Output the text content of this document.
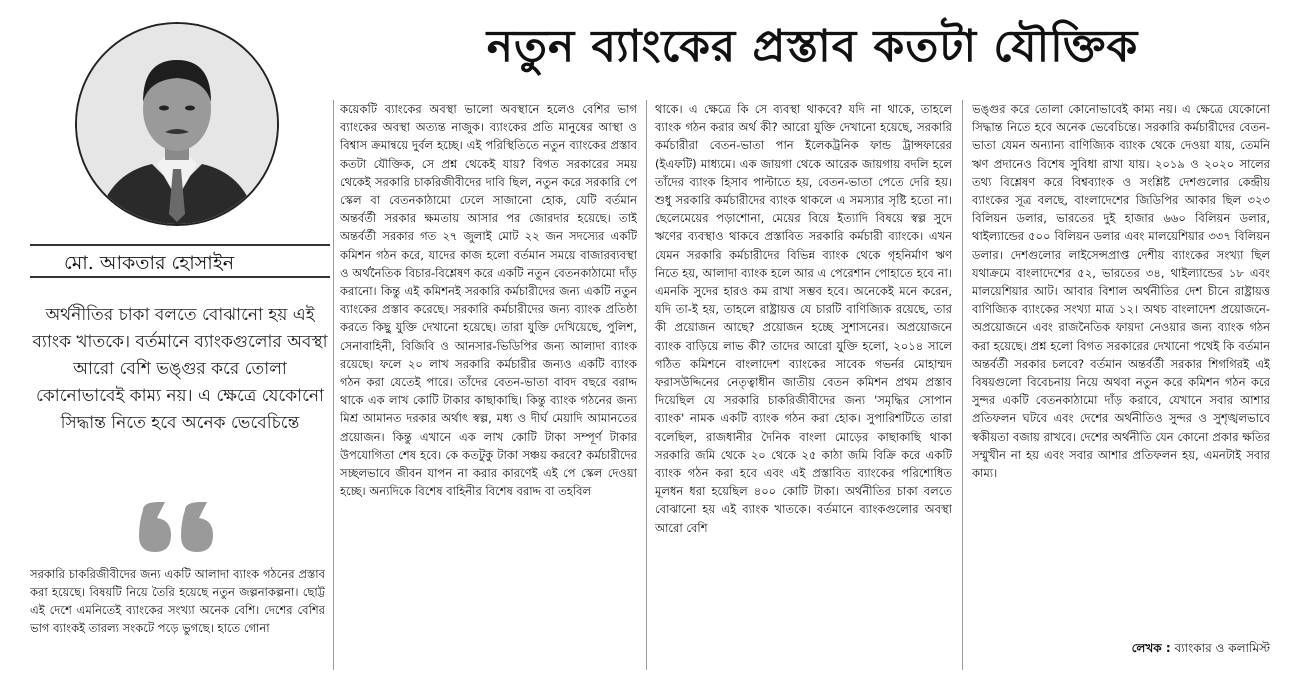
নতুন ব্যাংকের প্রস্তাব কতটা যৌক্তিক
মো. আকতার হোসাইন
অর্থনীতির চাকা বলতে বোঝানো হয় এই ব্যাংক খাতকে। বর্তমানে ব্যাংকগুলোর অবস্থা আরো বেশি ভঙ্গুর করে তোলা কোনোভাবেই কাম্য নয়। এ ক্ষেত্রে যেকোনো সিদ্ধান্ত নিতে হবে অনেক ভেবেচিন্তে
সরকারি চাকরিজীবীদের জন্য একটি আলাদা ব্যাংক গঠনের প্রস্তাব করা হয়েছে। বিষয়টি নিয়ে তৈরি হয়েছে নতুন জল্পনাকল্পনা। ছোট্ট এই দেশে এমনিতেই ব্যাংকের সংখ্যা অনেক বেশি। দেশের বেশির ভাগ ব্যাংকই তারল্য সংকটে পড়ে ভুগছে। হাতে গোনা

কয়েকটি ব্যাংকের অবস্থা ভালো অবস্থানে হলেও বেশির ভাগ ব্যাংকের অবস্থা অত্যন্ত নাজুক। ব্যাংকের প্রতি মানুষের আস্থা ও বিশ্বাস ক্রমান্বয়ে দুর্বল হচ্ছে। এই পরিস্থিতিতে নতুন ব্যাংকের প্রস্তাব কতটা যৌক্তিক, সে প্রশ্ন থেকেই যায়? বিগত সরকারের সময় থেকেই সরকারি চাকরিজীবীদের দাবি ছিল, নতুন করে সরকারি পে স্কেল বা বেতনকাঠামো ঢেলে সাজানো হোক, যেটি বর্তমান অন্তর্বর্তী সরকার ক্ষমতায় আসার পর জোরদার হয়েছে। তাই অন্তর্বর্তী সরকার গত ২৭ জুলাই মোট ২২ জন সদস্যের একটি কমিশন গঠন করে, যাদের কাজ হলো বর্তমান সময়ে বাজারব্যবস্থা ও অর্থনৈতিক বিচার-বিশ্লেষণ করে একটি নতুন বেতনকাঠামো দাঁড় করানো। কিন্তু এই কমিশনই সরকারি কর্মচারীদের জন্য একটি নতুন ব্যাংকের প্রস্তাব করেছে। সরকারি কর্মচারীদের জন্য ব্যাংক প্রতিষ্ঠা করতে কিছু যুক্তি দেখানো হয়েছে। তারা যুক্তি দেখিয়েছে, পুলিশ, সেনাবাহিনী, বিজিবি ও আনসার-ভিডিপির জন্য আলাদা ব্যাংক রয়েছে। ফলে ২০ লাখ সরকারি কর্মচারীর জন্যও একটি ব্যাংক গঠন করা যেতেই পারে। তাঁদের বেতন-ভাতা বাবদ বছরে বরাদ্দ থাকে এক লাখ কোটি টাকার কাছাকাছি। কিন্তু ব্যাংক গঠনের জন্য মিশ্র আমানত দরকার অর্থাৎ স্বল্প, মধ্য ও দীর্ঘ মেয়াদি আমানতের প্রয়োজন। কিন্তু এখানে এক লাখ কোটি টাকা সম্পূর্ণ টাকার উপযোগিতা শেষ হবে। কে কতটুকু টাকা সঞ্চয় করবে? কর্মচারীদের সচ্ছলভাবে জীবন যাপন না করার কারণেই এই পে স্কেল দেওয়া হচ্ছে। অন্যদিকে বিশেষ বাহিনীর বিশেষ বরাদ্দ বা তহবিল

থাকে। এ ক্ষেত্রে কি সে ব্যবস্থা থাকবে? যদি না থাকে, তাহলে ব্যাংক গঠন করার অর্থ কী? আরো যুক্তি দেখানো হয়েছে, সরকারি কর্মচারীরা বেতন-ভাতা পান ইলেকট্রনিক ফান্ড ট্রান্সফারের (ইএফটি) মাধ্যমে। এক জায়গা থেকে আরেক জায়গায় বদলি হলে তাঁদের ব্যাংক হিসাব পাল্টাতে হয়, বেতন-ভাতা পেতে দেরি হয়। শুধু সরকারি কর্মচারীদের ব্যাংক থাকলে এ সমস্যার সৃষ্টি হতো না। ছেলেমেয়ের পড়াশোনা, মেয়ের বিয়ে ইত্যাদি বিষয়ে স্বল্প সুদে ঋণের ব্যবস্থাও থাকবে প্রস্তাবিত সরকারি কর্মচারী ব্যাংকে। এখন যেমন সরকারি কর্মচারীদের বিভিন্ন ব্যাংক থেকে গৃহনির্মাণ ঋণ নিতে হয়, আলাদা ব্যাংক হলে আর এ পেরেশান পোহাতে হবে না। এমনকি সুদের হারও কম রাখা সম্ভব হবে। অনেকেই মনে করেন, যদি তা-ই হয়, তাহলে রাষ্ট্রায়ত্ত যে চারটি বাণিজ্যিক রয়েছে, তার কী প্রয়োজন আছে? প্রয়োজন হচ্ছে সুশাসনের। অপ্রয়োজনে ব্যাংক বাড়িয়ে লাভ কী? তাদের আরো যুক্তি হলো, ২০১৪ সালে গঠিত কমিশনে বাংলাদেশ ব্যাংকের সাবেক গভর্নর মোহাম্মদ ফরাসউদ্দিনের নেতৃত্বাধীন জাতীয় বেতন কমিশন প্রথম প্রস্তাব দিয়েছিল যে সরকারি চাকরিজীবীদের জন্য 'সমৃদ্ধির সোপান ব্যাংক' নামক একটি ব্যাংক গঠন করা হোক। সুপারিশটিতে তারা বলেছিল, রাজধানীর দৈনিক বাংলা মোড়ের কাছাকাছি থাকা সরকারি জমি থেকে ২০ থেকে ২৫ কাঠা জমি বিক্রি করে একটি ব্যাংক গঠন করা হবে এবং এই প্রস্তাবিত ব্যাংকের পরিশোধিত মূলধন ধরা হয়েছিল ৪০০ কোটি টাকা। অর্থনীতির চাকা বলতে বোঝানো হয় এই ব্যাংক খাতকে। বর্তমানে ব্যাংকগুলোর অবস্থা আরো বেশি

ভঙ্গুর করে তোলা কোনোভাবেই কাম্য নয়। এ ক্ষেত্রে যেকোনো সিদ্ধান্ত নিতে হবে অনেক ভেবেচিন্তে। সরকারি কর্মচারীদের বেতন-ভাতা যেমন অন্যান্য বাণিজ্যিক ব্যাংক থেকে দেওয়া যায়, তেমনি ঋণ প্রদানেও বিশেষ সুবিধা রাখা যায়। ২০১৯ ও ২০২০ সালের তথ্য বিশ্লেষণ করে বিশ্বব্যাংক ও সংশ্লিষ্ট দেশগুলোর কেন্দ্রীয় ব্যাংকের সূত্র বলছে, বাংলাদেশের জিডিপির আকার ছিল ৩২৩ বিলিয়ন ডলার, ভারতের দুই হাজার ৬৬০ বিলিয়ন ডলার, থাইল্যান্ডের ৫০০ বিলিয়ন ডলার এবং মালয়েশিয়ার ৩৩৭ বিলিয়ন ডলার। দেশগুলোর লাইসেন্সপ্রাপ্ত দেশীয় ব্যাংকের সংখ্যা ছিল যথাক্রমে বাংলাদেশের ৫২, ভারতের ৩৪, থাইল্যান্ডের ১৮ এবং মালয়েশিয়ার আট। আবার বিশাল অর্থনীতির দেশ চীনে রাষ্ট্রায়ত্ত বাণিজ্যিক ব্যাংকের সংখ্যা মাত্র ১২। অথচ বাংলাদেশ প্রয়োজনে-অপ্রয়োজনে এবং রাজনৈতিক ফায়দা নেওয়ার জন্য ব্যাংক গঠন করা হয়েছে। প্রশ্ন হলো বিগত সরকারের দেখানো পথেই কি বর্তমান অন্তর্বর্তী সরকার চলবে? বর্তমান অন্তর্বর্তী সরকার শিগগিরই এই বিষয়গুলো বিবেচনায় নিয়ে অথবা নতুন করে কমিশন গঠন করে সুন্দর একটি বেতনকাঠামো দাঁড় করাবে, যেখানে সবার আশার প্রতিফলন ঘটবে এবং দেশের অর্থনীতিও সুন্দর ও সুশৃঙ্খলভাবে স্বকীয়তা বজায় রাখবে। দেশের অর্থনীতি যেন কোনো প্রকার ক্ষতির সম্মুখীন না হয় এবং সবার আশার প্রতিফলন হয়, এমনটাই সবার কাম্য।

লেখক : ব্যাংকার ও কলামিস্ট
